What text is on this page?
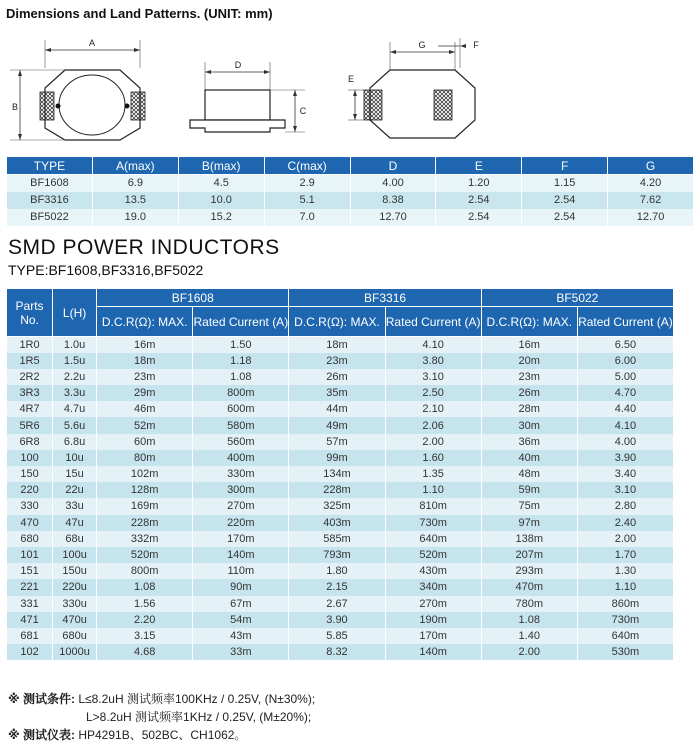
Dimensions and Land Patterns. (UNIT: mm)
A
B
D
C
G	F
E
TYPE	A(max)	B(max)	C(max)	D	E	F	G
BF1608	6.9	4.5	2.9	4.00	1.20	1.15	4.20
BF3316	13.5	10.0	5.1	8.38	2.54	2.54	7.62
BF5022	19.0	15.2	7.0	12.70	2.54	2.54	12.70
SMD POWER INDUCTORS
TYPE:BF1608,BF3316,BF5022
Parts No.	L(H)	BF1608		BF3316		BF5022	
		D.C.R(Ω): MAX.	Rated Current (A)	D.C.R(Ω): MAX.	Rated Current (A)	D.C.R(Ω): MAX.	Rated Current (A)
1R0	1.0u	16m	1.50	18m	4.10	16m	6.50
1R5	1.5u	18m	1.18	23m	3.80	20m	6.00
2R2	2.2u	23m	1.08	26m	3.10	23m	5.00
3R3	3.3u	29m	800m	35m	2.50	26m	4.70
4R7	4.7u	46m	600m	44m	2.10	28m	4.40
5R6	5.6u	52m	580m	49m	2.06	30m	4.10
6R8	6.8u	60m	560m	57m	2.00	36m	4.00
100	10u	80m	400m	99m	1.60	40m	3.90
150	15u	102m	330m	134m	1.35	48m	3.40
220	22u	128m	300m	228m	1.10	59m	3.10
330	33u	169m	270m	325m	810m	75m	2.80
470	47u	228m	220m	403m	730m	97m	2.40
680	68u	332m	170m	585m	640m	138m	2.00
101	100u	520m	140m	793m	520m	207m	1.70
151	150u	800m	110m	1.80	430m	293m	1.30
221	220u	1.08	90m	2.15	340m	470m	1.10
331	330u	1.56	67m	2.67	270m	780m	860m
471	470u	2.20	54m	3.90	190m	1.08	730m
681	680u	3.15	43m	5.85	170m	1.40	640m
102	1000u	4.68	33m	8.32	140m	2.00	530m
※ 测试条件: L≤8.2uH 测试频率100KHz / 0.25V, (N±30%);
L>8.2uH 测试频率1KHz / 0.25V, (M±20%);
※ 测试仪表: HP4291B、502BC、CH1062。
